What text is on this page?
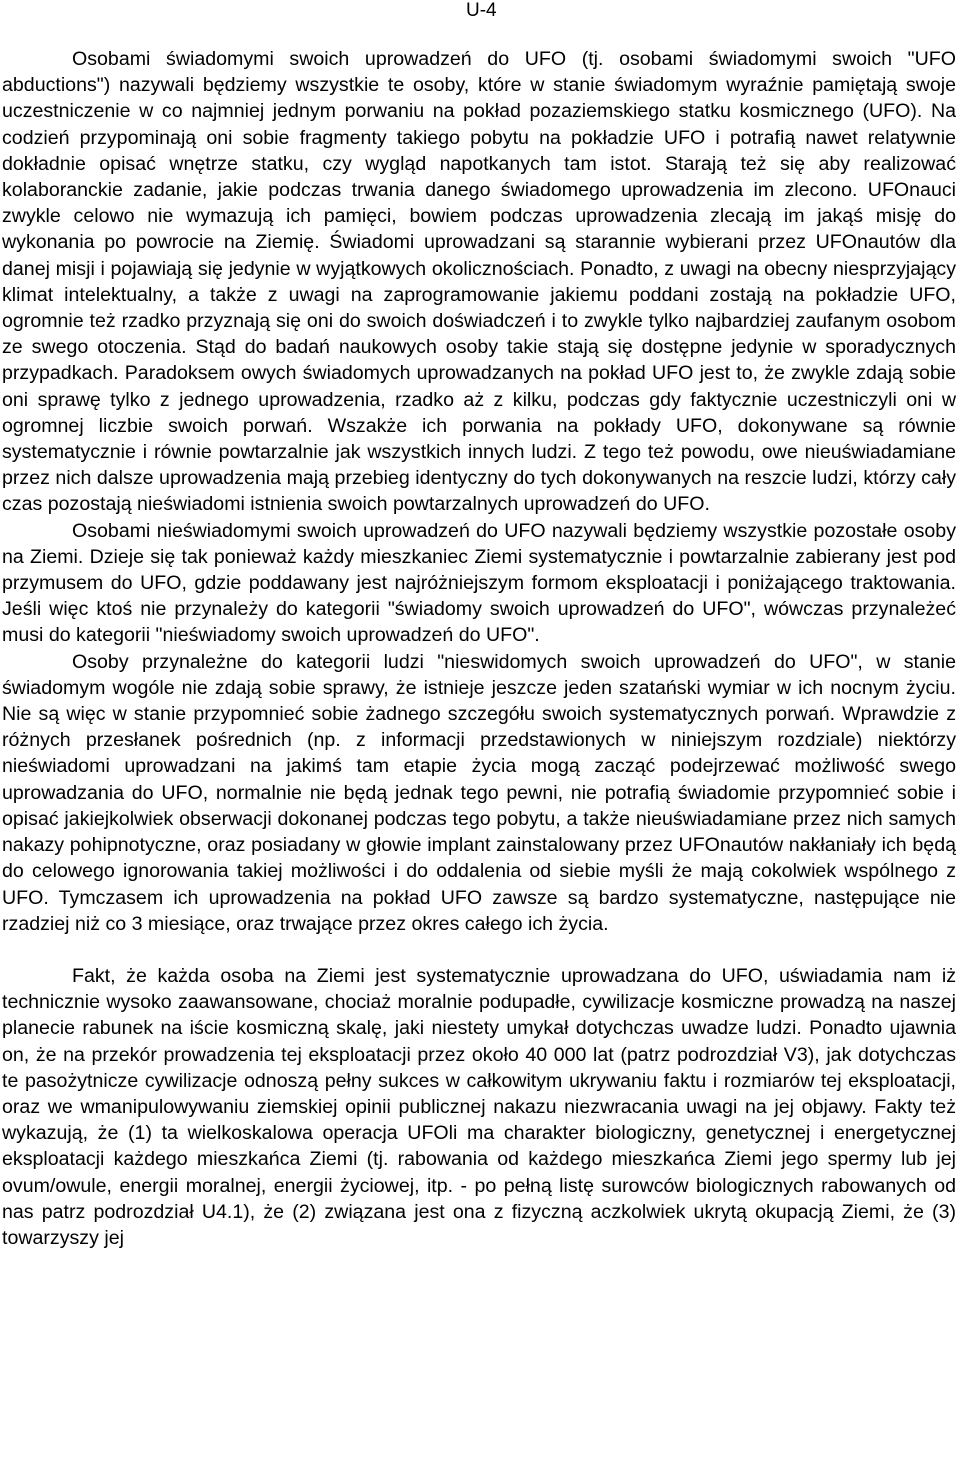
U-4

Osobami świadomymi swoich uprowadzeń do UFO (tj. osobami świadomymi swoich "UFO abductions") nazywali będziemy wszystkie te osoby, które w stanie świadomym wyraźnie pamiętają swoje uczestniczenie w co najmniej jednym porwaniu na pokład pozaziemskiego statku kosmicznego (UFO). Na codzień przypominają oni sobie fragmenty takiego pobytu na pokładzie UFO i potrafią nawet relatywnie dokładnie opisać wnętrze statku, czy wygląd napotkanych tam istot. Starają też się aby realizować kolaboranckie zadanie, jakie podczas trwania danego świadomego uprowadzenia im zlecono. UFOnauci zwykle celowo nie wymazują ich pamięci, bowiem podczas uprowadzenia zlecają im jakąś misję do wykonania po powrocie na Ziemię. Świadomi uprowadzani są starannie wybierani przez UFOnautów dla danej misji i pojawiają się jedynie w wyjątkowych okolicznościach. Ponadto, z uwagi na obecny niesprzyjający klimat intelektualny, a także z uwagi na zaprogramowanie jakiemu poddani zostają na pokładzie UFO, ogromnie też rzadko przyznają się oni do swoich doświadczeń i to zwykle tylko najbardziej zaufanym osobom ze swego otoczenia. Stąd do badań naukowych osoby takie stają się dostępne jedynie w sporadycznych przypadkach. Paradoksem owych świadomych uprowadzanych na pokład UFO jest to, że zwykle zdają sobie oni sprawę tylko z jednego uprowadzenia, rzadko aż z kilku, podczas gdy faktycznie uczestniczyli oni w ogromnej liczbie swoich porwań. Wszakże ich porwania na pokłady UFO, dokonywane są równie systematycznie i równie powtarzalnie jak wszystkich innych ludzi. Z tego też powodu, owe nieuświadamiane przez nich dalsze uprowadzenia mają przebieg identyczny do tych dokonywanych na reszcie ludzi, którzy cały czas pozostają nieświadomi istnienia swoich powtarzalnych uprowadzeń do UFO.

Osobami nieświadomymi swoich uprowadzeń do UFO nazywali będziemy wszystkie pozostałe osoby na Ziemi. Dzieje się tak ponieważ każdy mieszkaniec Ziemi systematycznie i powtarzalnie zabierany jest pod przymusem do UFO, gdzie poddawany jest najróżniejszym formom eksploatacji i poniżającego traktowania. Jeśli więc ktoś nie przynależy do kategorii "świadomy swoich uprowadzeń do UFO", wówczas przynależeć musi do kategorii "nieświadomy swoich uprowadzeń do UFO".

Osoby przynależne do kategorii ludzi "nieswidomych swoich uprowadzeń do UFO", w stanie świadomym wogóle nie zdają sobie sprawy, że istnieje jeszcze jeden szatański wymiar w ich nocnym życiu. Nie są więc w stanie przypomnieć sobie żadnego szczegółu swoich systematycznych porwań. Wprawdzie z różnych przesłanek pośrednich (np. z informacji przedstawionych w niniejszym rozdziale) niektórzy nieświadomi uprowadzani na jakimś tam etapie życia mogą zacząć podejrzewać możliwość swego uprowadzania do UFO, normalnie nie będą jednak tego pewni, nie potrafią świadomie przypomnieć sobie i opisać jakiejkolwiek obserwacji dokonanej podczas tego pobytu, a także nieuświadamiane przez nich samych nakazy pohipnotyczne, oraz posiadany w głowie implant zainstalowany przez UFOnautów nakłaniały ich będą do celowego ignorowania takiej możliwości i do oddalenia od siebie myśli że mają cokolwiek wspólnego z UFO. Tymczasem ich uprowadzenia na pokład UFO zawsze są bardzo systematyczne, następujące nie rzadziej niż co 3 miesiące, oraz trwające przez okres całego ich życia.

Fakt, że każda osoba na Ziemi jest systematycznie uprowadzana do UFO, uświadamia nam iż technicznie wysoko zaawansowane, chociaż moralnie podupadłe, cywilizacje kosmiczne prowadzą na naszej planecie rabunek na iście kosmiczną skalę, jaki niestety umykał dotychczas uwadze ludzi. Ponadto ujawnia on, że na przekór prowadzenia tej eksploatacji przez około 40 000 lat (patrz podrozdział V3), jak dotychczas te pasożytnicze cywilizacje odnoszą pełny sukces w całkowitym ukrywaniu faktu i rozmiarów tej eksploatacji, oraz we wmanipulowywaniu ziemskiej opinii publicznej nakazu niezwracania uwagi na jej objawy. Fakty też wykazują, że (1) ta wielkoskalowa operacja UFOli ma charakter biologiczny, genetycznej i energetycznej eksploatacji każdego mieszkańca Ziemi (tj. rabowania od każdego mieszkańca Ziemi jego spermy lub jej ovum/owule, energii moralnej, energii życiowej, itp. - po pełną listę surowców biologicznych rabowanych od nas patrz podrozdział U4.1), że (2) związana jest ona z fizyczną aczkolwiek ukrytą okupacją Ziemi, że (3) towarzyszy jej
